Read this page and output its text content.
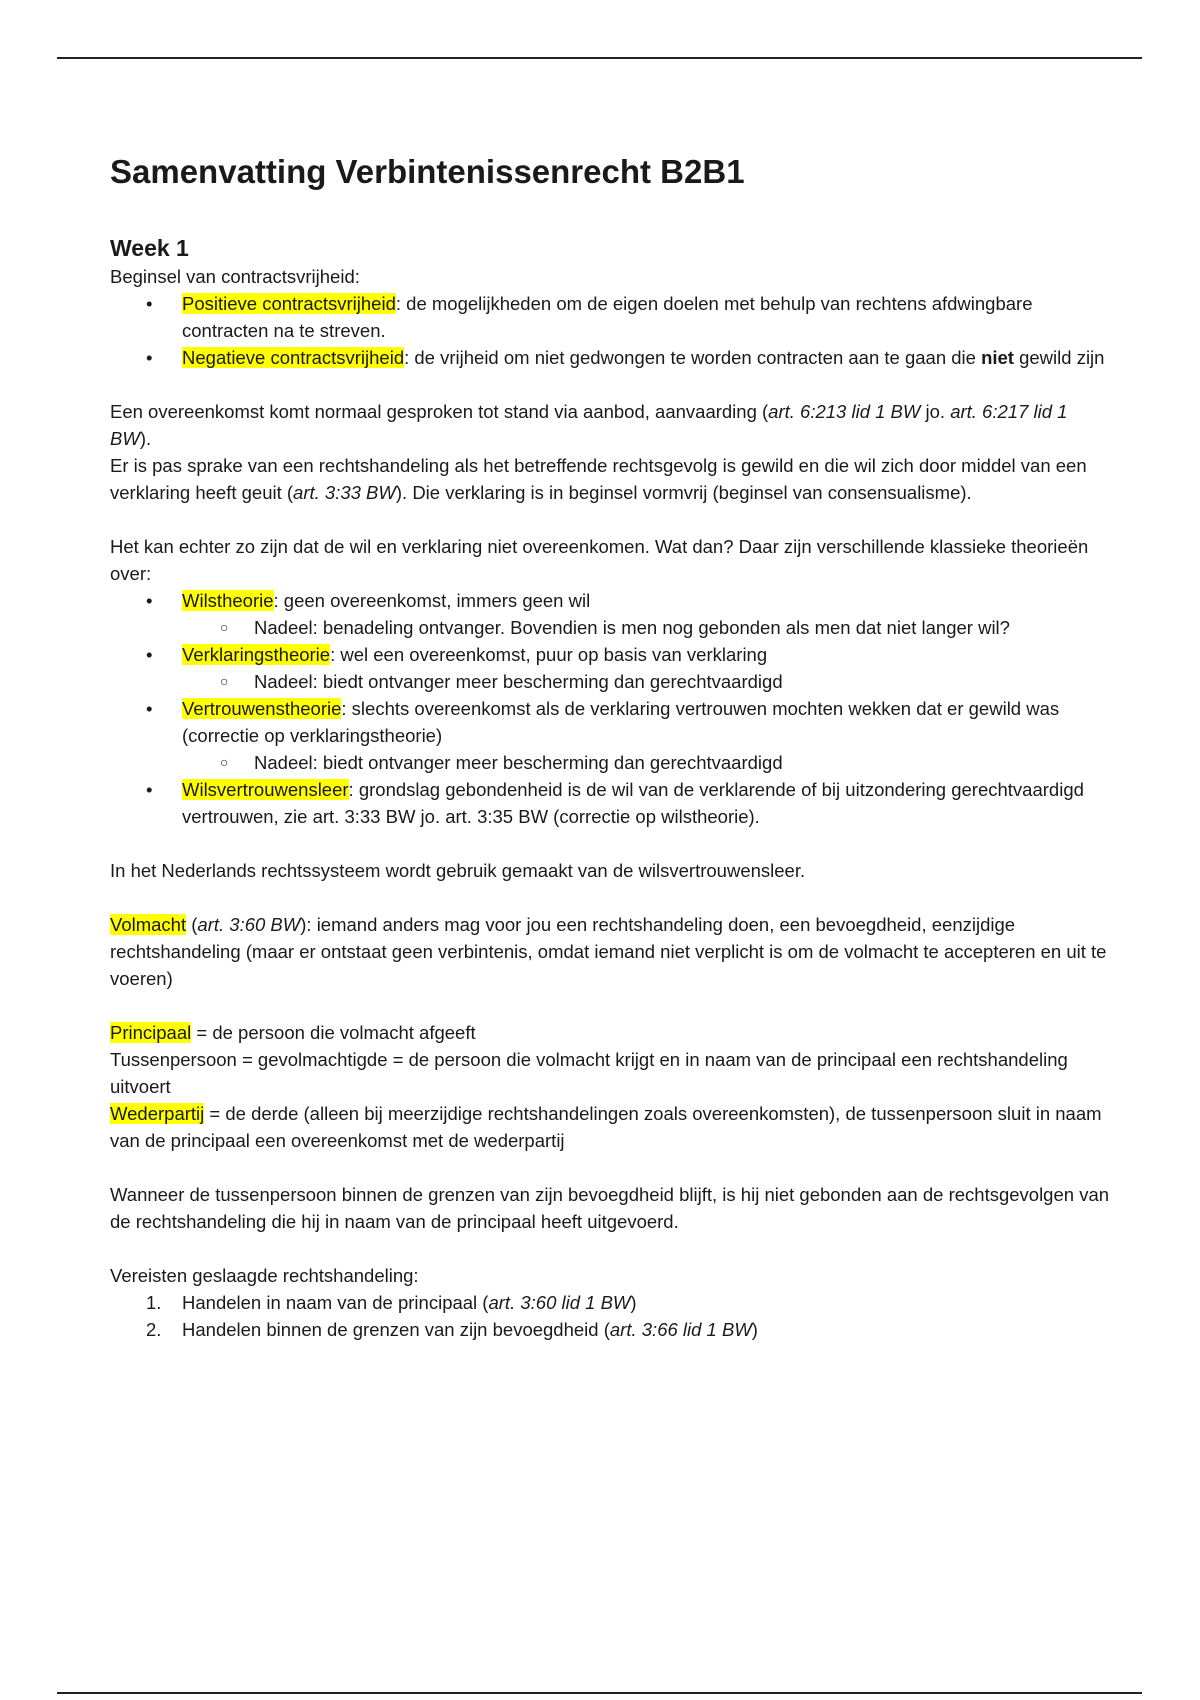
Samenvatting Verbintenissenrecht B2B1
Week 1

Beginsel van contractsvrijheid:

• Positieve contractsvrijheid: de mogelijkheden om de eigen doelen met behulp van rechtens afdwingbare contracten na te streven.
• Negatieve contractsvrijheid: de vrijheid om niet gedwongen te worden contracten aan te gaan die niet gewild zijn

Een overeenkomst komt normaal gesproken tot stand via aanbod, aanvaarding (art. 6:213 lid 1 BW jo. art. 6:217 lid 1 BW).

Er is pas sprake van een rechtshandeling als het betreffende rechtsgevolg is gewild en die wil zich door middel van een verklaring heeft geuit (art. 3:33 BW). Die verklaring is in beginsel vormvrij (beginsel van consensualisme).

Het kan echter zo zijn dat de wil en verklaring niet overeenkomen. Wat dan? Daar zijn verschillende klassieke theorieën over:

• Wilstheorie: geen overeenkomst, immers geen wil
○ Nadeel: benadeling ontvanger. Bovendien is men nog gebonden als men dat niet langer wil?
• Verklaringstheorie: wel een overeenkomst, puur op basis van verklaring
○ Nadeel: biedt ontvanger meer bescherming dan gerechtvaardigd
• Vertrouwenstheorie: slechts overeenkomst als de verklaring vertrouwen mochten wekken dat er gewild was (correctie op verklaringstheorie)
○ Nadeel: biedt ontvanger meer bescherming dan gerechtvaardigd
• Wilsvertrouwensleer: grondslag gebondenheid is de wil van de verklarende of bij uitzondering gerechtvaardigd vertrouwen, zie art. 3:33 BW jo. art. 3:35 BW (correctie op wilstheorie).

In het Nederlands rechtssysteem wordt gebruik gemaakt van de wilsvertrouwensleer.

Volmacht (art. 3:60 BW): iemand anders mag voor jou een rechtshandeling doen, een bevoegdheid, eenzijdige rechtshandeling (maar er ontstaat geen verbintenis, omdat iemand niet verplicht is om de volmacht te accepteren en uit te voeren)

Principaal = de persoon die volmacht afgeeft

Tussenpersoon = gevolmachtigde = de persoon die volmacht krijgt en in naam van de principaal een rechtshandeling uitvoert

Wederpartij = de derde (alleen bij meerzijdige rechtshandelingen zoals overeenkomsten), de tussenpersoon sluit in naam van de principaal een overeenkomst met de wederpartij

Wanneer de tussenpersoon binnen de grenzen van zijn bevoegdheid blijft, is hij niet gebonden aan de rechtsgevolgen van de rechtshandeling die hij in naam van de principaal heeft uitgevoerd.

Vereisten geslaagde rechtshandeling:

1. Handelen in naam van de principaal (art. 3:60 lid 1 BW)
2. Handelen binnen de grenzen van zijn bevoegdheid (art. 3:66 lid 1 BW)
